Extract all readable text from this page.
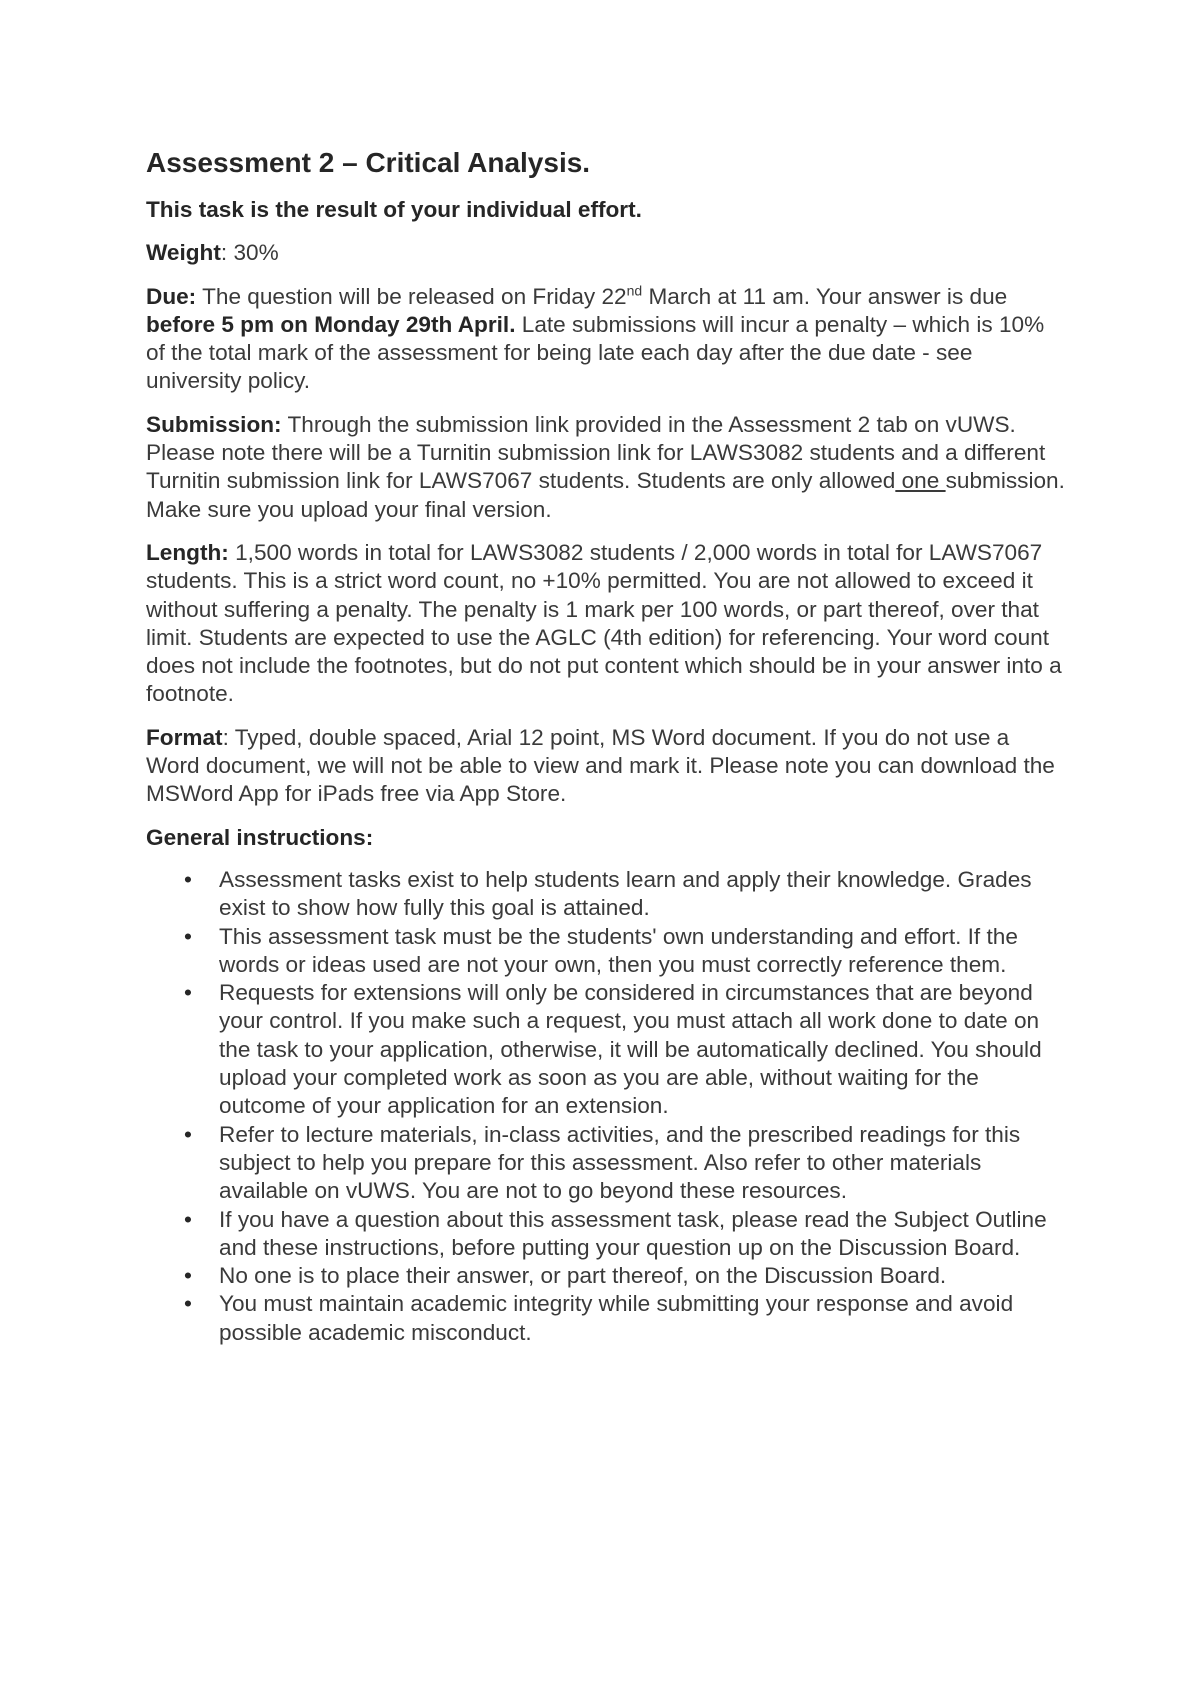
Assessment 2 – Critical Analysis.

This task is the result of your individual effort.

Weight: 30%

Due: The question will be released on Friday 22nd March at 11 am. Your answer is due before 5 pm on Monday 29th April. Late submissions will incur a penalty – which is 10% of the total mark of the assessment for being late each day after the due date - see university policy.

Submission: Through the submission link provided in the Assessment 2 tab on vUWS. Please note there will be a Turnitin submission link for LAWS3082 students and a different Turnitin submission link for LAWS7067 students. Students are only allowed one submission. Make sure you upload your final version.

Length: 1,500 words in total for LAWS3082 students / 2,000 words in total for LAWS7067 students. This is a strict word count, no +10% permitted. You are not allowed to exceed it without suffering a penalty. The penalty is 1 mark per 100 words, or part thereof, over that limit. Students are expected to use the AGLC (4th edition) for referencing. Your word count does not include the footnotes, but do not put content which should be in your answer into a footnote.

Format: Typed, double spaced, Arial 12 point, MS Word document. If you do not use a Word document, we will not be able to view and mark it. Please note you can download the MSWord App for iPads free via App Store.

General instructions:

• Assessment tasks exist to help students learn and apply their knowledge. Grades exist to show how fully this goal is attained.
• This assessment task must be the students' own understanding and effort. If the words or ideas used are not your own, then you must correctly reference them.
• Requests for extensions will only be considered in circumstances that are beyond your control. If you make such a request, you must attach all work done to date on the task to your application, otherwise, it will be automatically declined. You should upload your completed work as soon as you are able, without waiting for the outcome of your application for an extension.
• Refer to lecture materials, in-class activities, and the prescribed readings for this subject to help you prepare for this assessment. Also refer to other materials available on vUWS. You are not to go beyond these resources.
• If you have a question about this assessment task, please read the Subject Outline and these instructions, before putting your question up on the Discussion Board.
• No one is to place their answer, or part thereof, on the Discussion Board.
• You must maintain academic integrity while submitting your response and avoid possible academic misconduct.
